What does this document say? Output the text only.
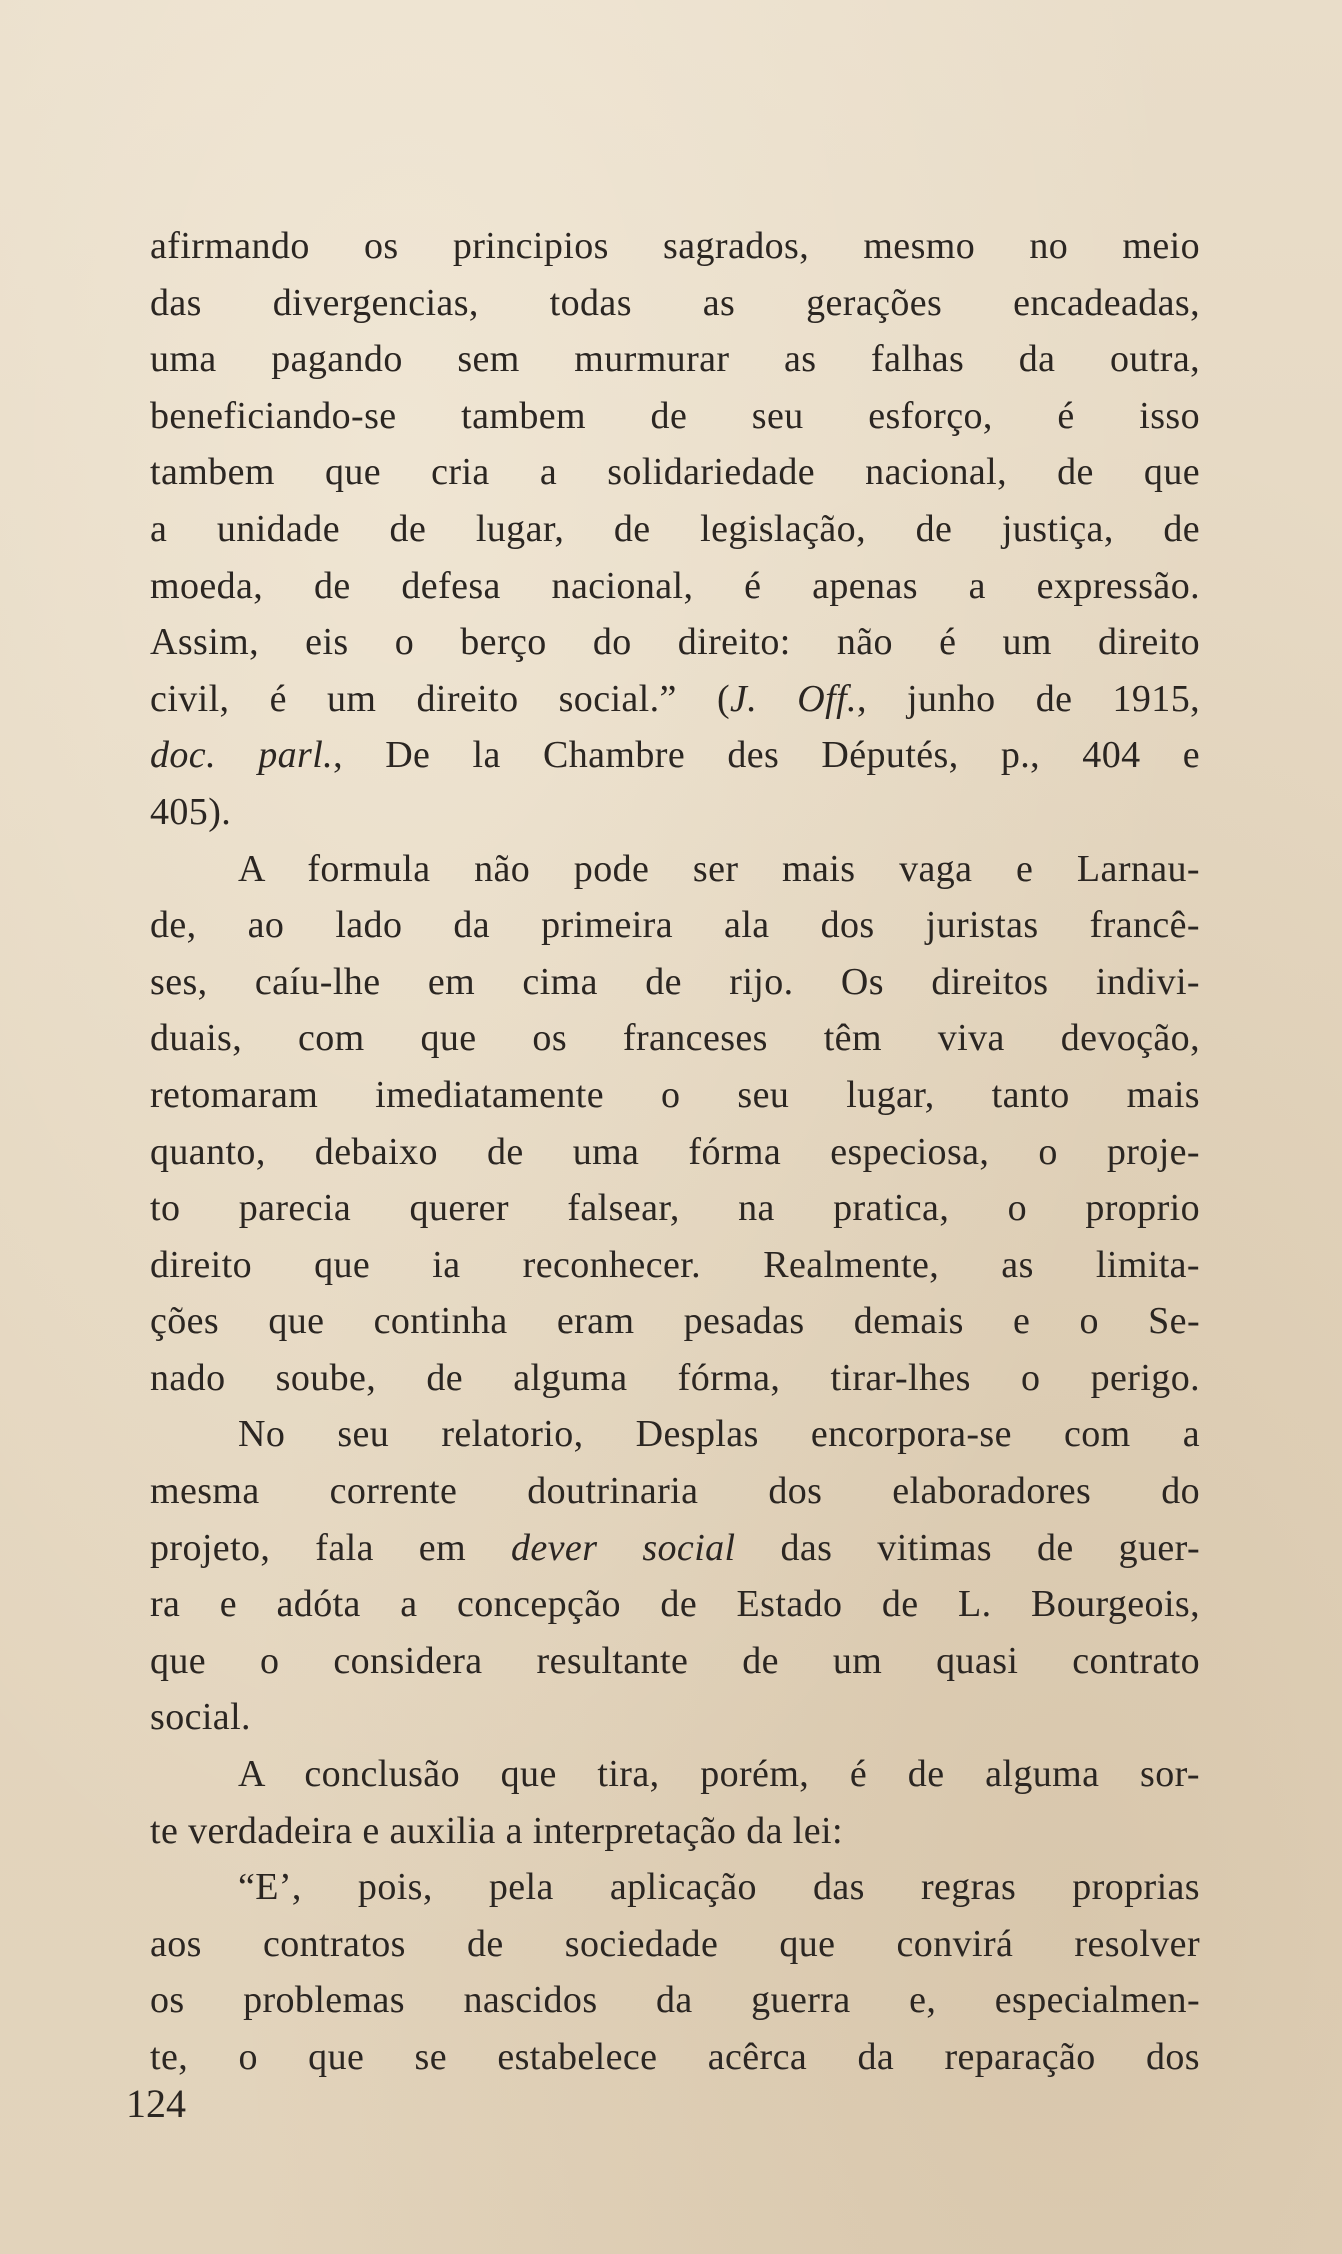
afirmando os principios sagrados, mesmo no meio
das divergencias, todas as gerações encadeadas,
uma pagando sem murmurar as falhas da outra,
beneficiando-se tambem de seu esforço, é isso
tambem que cria a solidariedade nacional, de que
a unidade de lugar, de legislação, de justiça, de
moeda, de defesa nacional, é apenas a expressão.
Assim, eis o berço do direito: não é um direito
civil, é um direito social.” (J. Off., junho de 1915,
doc. parl., De la Chambre des Députés, p., 404 e
405).
A formula não pode ser mais vaga e Larnau-
de, ao lado da primeira ala dos juristas francê-
ses, caíu-lhe em cima de rijo. Os direitos indivi-
duais, com que os franceses têm viva devoção,
retomaram imediatamente o seu lugar, tanto mais
quanto, debaixo de uma fórma especiosa, o proje-
to parecia querer falsear, na pratica, o proprio
direito que ia reconhecer. Realmente, as limita-
ções que continha eram pesadas demais e o Se-
nado soube, de alguma fórma, tirar-lhes o perigo.
No seu relatorio, Desplas encorpora-se com a
mesma corrente doutrinaria dos elaboradores do
projeto, fala em dever social das vitimas de guer-
ra e adóta a concepção de Estado de L. Bourgeois,
que o considera resultante de um quasi contrato
social.
A conclusão que tira, porém, é de alguma sor-
te verdadeira e auxilia a interpretação da lei:
“E’, pois, pela aplicação das regras proprias
aos contratos de sociedade que convirá resolver
os problemas nascidos da guerra e, especialmen-
te, o que se estabelece acêrca da reparação dos
124
